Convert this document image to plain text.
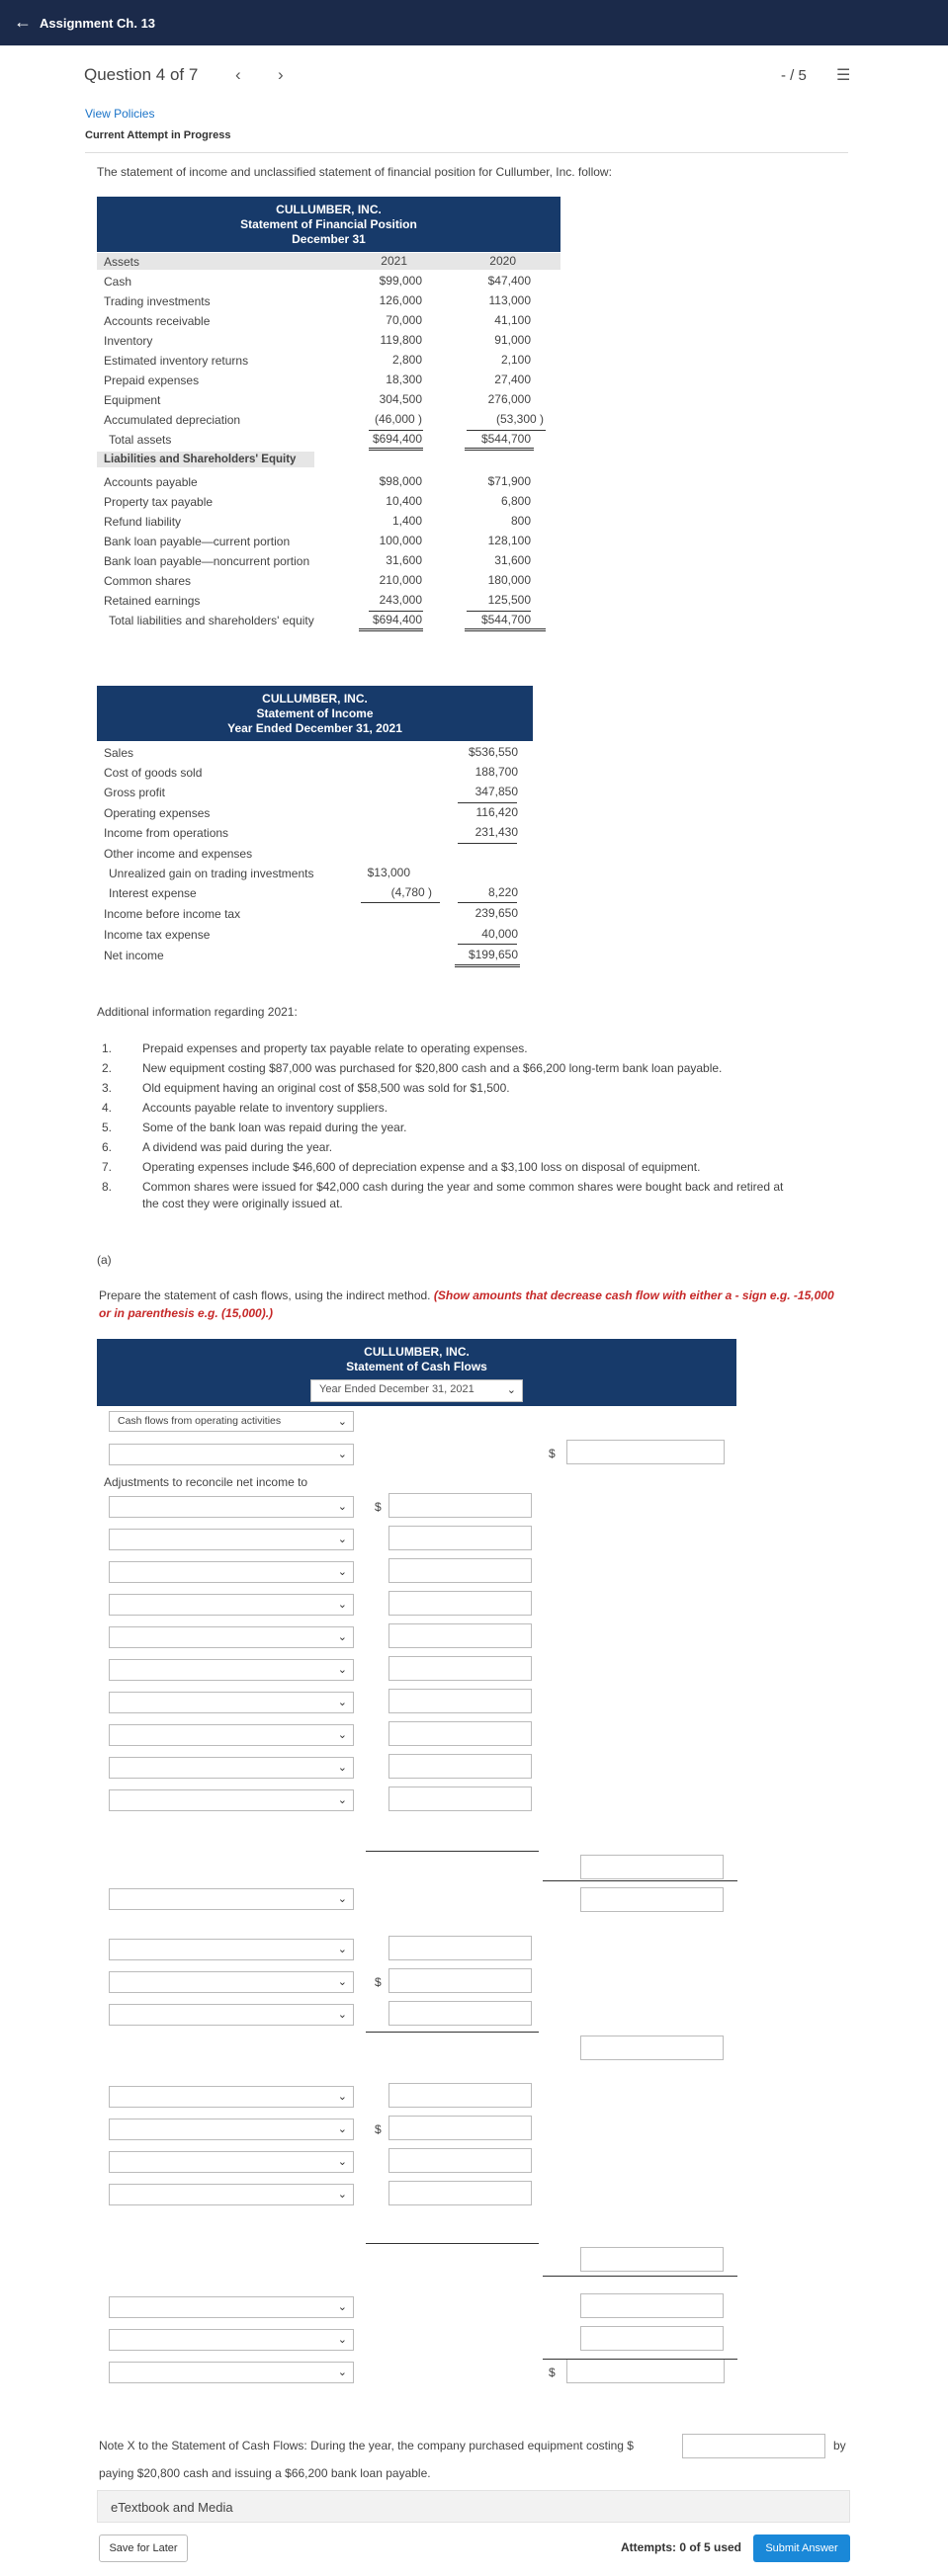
← Assignment Ch. 13
Question 4 of 7 ‹ ›	- / 5 ☰
View Policies
Current Attempt in Progress
The statement of income and unclassified statement of financial position for Cullumber, Inc. follow:
CULLUMBER, INC.
Statement of Financial Position
December 31
Assets	2021	2020
Cash	$99,000	$47,400
Trading investments	126,000	113,000
Accounts receivable	70,000	41,100
Inventory	119,800	91,000
Estimated inventory returns	2,800	2,100
Prepaid expenses	18,300	27,400
Equipment	304,500	276,000
Accumulated depreciation	(46,000 )	(53,300 )
Total assets	$694,400	$544,700
Liabilities and Shareholders' Equity
Accounts payable	$98,000	$71,900
Property tax payable	10,400	6,800
Refund liability	1,400	800
Bank loan payable—current portion	100,000	128,100
Bank loan payable—noncurrent portion	31,600	31,600
Common shares	210,000	180,000
Retained earnings	243,000	125,500
Total liabilities and shareholders' equity	$694,400	$544,700
CULLUMBER, INC.
Statement of Income
Year Ended December 31, 2021
Sales	$536,550
Cost of goods sold	188,700
Gross profit	347,850
Operating expenses	116,420
Income from operations	231,430
Other income and expenses
Unrealized gain on trading investments	$13,000
Interest expense	(4,780 )	8,220
Income before income tax	239,650
Income tax expense	40,000
Net income	$199,650
Additional information regarding 2021:
1.	Prepaid expenses and property tax payable relate to operating expenses.
2.	New equipment costing $87,000 was purchased for $20,800 cash and a $66,200 long-term bank loan payable.
3.	Old equipment having an original cost of $58,500 was sold for $1,500.
4.	Accounts payable relate to inventory suppliers.
5.	Some of the bank loan was repaid during the year.
6.	A dividend was paid during the year.
7.	Operating expenses include $46,600 of depreciation expense and a $3,100 loss on disposal of equipment.
8.	Common shares were issued for $42,000 cash during the year and some common shares were bought back and retired at
the cost they were originally issued at.
(a)
Prepare the statement of cash flows, using the indirect method. (Show amounts that decrease cash flow with either a - sign e.g. -15,000
or in parenthesis e.g. (15,000).)
CULLUMBER, INC.
Statement of Cash Flows
Year Ended December 31, 2021	⌄
Cash flows from operating activities	⌄
Adjustments to reconcile net income to
⌄	$
⌄ $
⌄
⌄
⌄
⌄
⌄
⌄
⌄
⌄
⌄
⌄
⌄
⌄ $
⌄
⌄
⌄ $
⌄
⌄
⌄
⌄
⌄	$
Note X to the Statement of Cash Flows: During the year, the company purchased equipment costing $	by
paying $20,800 cash and issuing a $66,200 bank loan payable.
eTextbook and Media
Save for Later	Attempts: 0 of 5 used	Submit Answer
